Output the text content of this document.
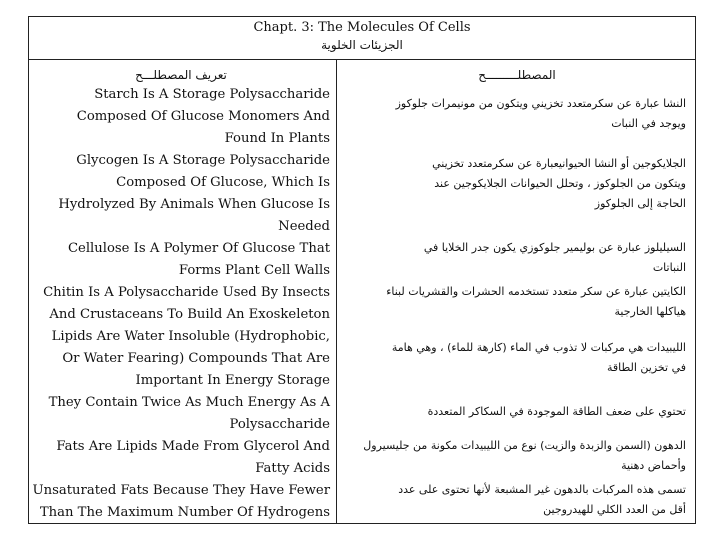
Chapt. 3: The Molecules Of Cells
الجزيئات الخلوية
تعريف المصطلـــح	المصطلـــــــــح
Starch Is A Storage Polysaccharide
Composed Of Glucose Monomers And
Found In Plants
النشا عبارة عن سكرمتعدد تخزيني ويتكون من مونيمرات جلوكوز
ويوجد في النبات
Glycogen Is A Storage Polysaccharide
Composed Of Glucose, Which Is
Hydrolyzed By Animals When Glucose Is
Needed
الجلايكوجين أو النشا الحيوانيعبارة عن سكرمتعدد تخزيني
ويتكون من الجلوكوز ، وتحلل الحيوانات الجلايكوجين عند
الحاجة إلى الجلوكوز
Cellulose Is A Polymer Of Glucose That
Forms Plant Cell Walls
السيليلوز عبارة عن بوليمير جلوكوزي يكون جدر الخلايا في
النباتات
Chitin Is A Polysaccharide Used By Insects
And Crustaceans To Build An Exoskeleton
الكايتين عبارة عن سكر متعدد تستخدمه الحشرات والقشريات لبناء
هياكلها الخارجية
Lipids Are Water Insoluble (Hydrophobic,
Or Water Fearing) Compounds That Are
Important In Energy Storage
الليبيدات هي مركبات لا تذوب في الماء (كارهة للماء) ، وهي هامة
في تخزين الطاقة
They Contain Twice As Much Energy As A
Polysaccharide
تحتوي على ضعف الطاقة الموجودة في السكاكر المتعددة
Fats Are Lipids Made From Glycerol And
Fatty Acids
الدهون (السمن والزبدة والزيت) نوع من الليبيدات مكونة من جليسيرول
وأحماض دهنية
Unsaturated Fats Because They Have Fewer
Than The Maximum Number Of Hydrogens
تسمى هذه المركبات بالدهون غير المشبعة لأنها تحتوى على عدد
أقل من العدد الكلي للهيدروجين
